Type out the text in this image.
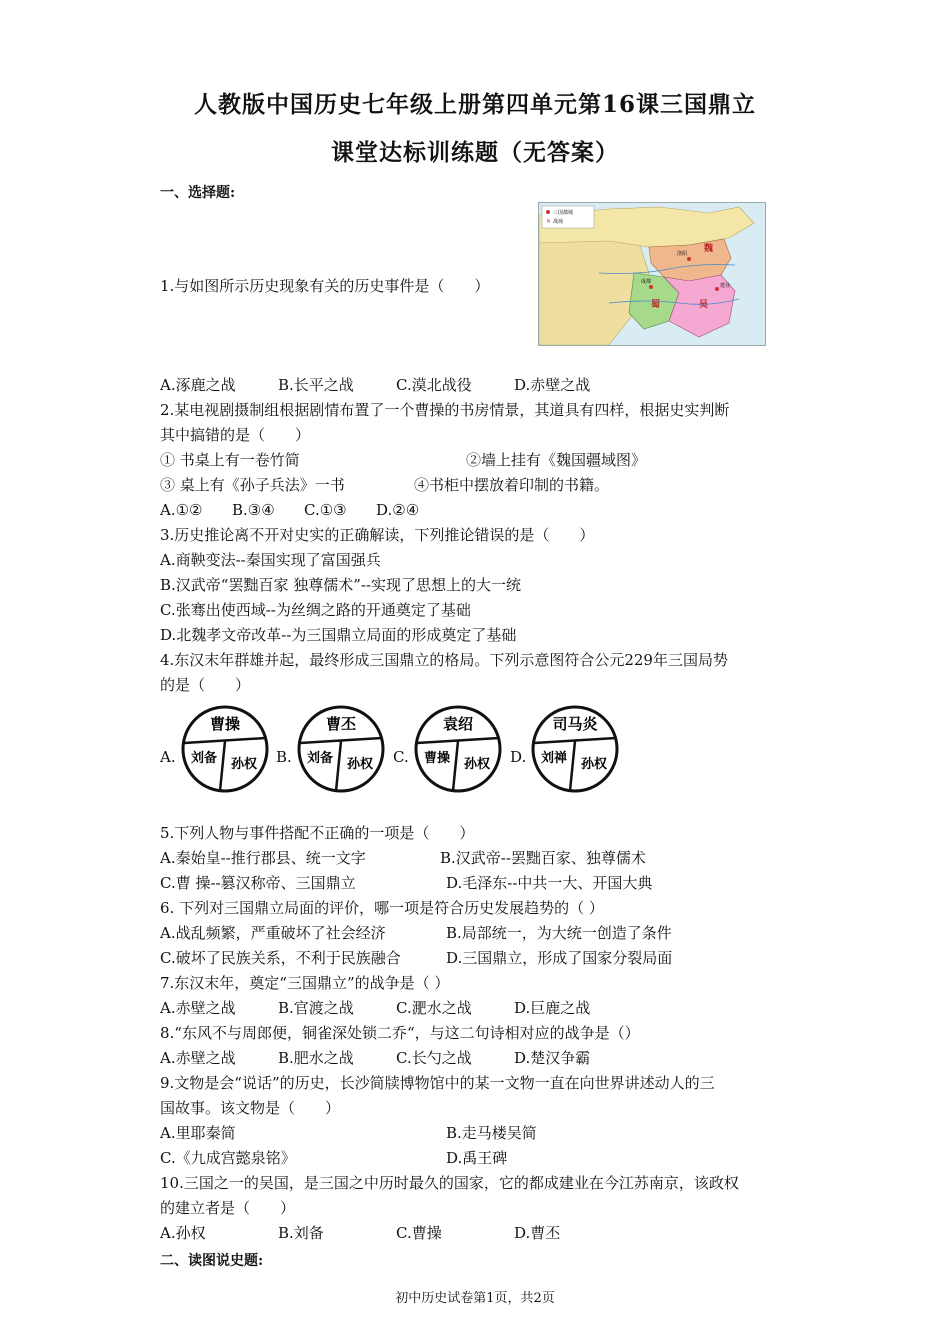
人教版中国历史七年级上册第四单元第16课三国鼎立
课堂达标训练题（无答案）
一、选择题:
1.与如图所示历史现象有关的历史事件是（　　）
三国都城
✕ 战场
洛阳
成都
建业
魏
蜀	吴
A.涿鹿之战	B.长平之战	C.漠北战役	D.赤壁之战
2.某电视剧摄制组根据剧情布置了一个曹操的书房情景，其道具有四样，根据史实判断
其中搞错的是（　　）
① 书桌上有一卷竹简	②墙上挂有《魏国疆域图》
③ 桌上有《孙子兵法》一书	④书柜中摆放着印制的书籍。
A.①② B.③④ C.①③ D.②④
3.历史推论离不开对史实的正确解读，下列推论错误的是（　　）
A.商鞅变法--秦国实现了富国强兵
B.汉武帝“罢黜百家 独尊儒术”--实现了思想上的大一统
C.张骞出使西域--为丝绸之路的开通奠定了基础
D.北魏孝文帝改革--为三国鼎立局面的形成奠定了基础
4.东汉末年群雄并起，最终形成三国鼎立的格局。下列示意图符合公元229年三国局势
的是（　　）
A.
曹操
刘备 孙权 B.
曹丕
刘备 孙权 C.
袁绍
曹操 孙权 D.
司马炎
刘禅 孙权
5.下列人物与事件搭配不正确的一项是（　　）
A.秦始皇--推行郡县、统一文字	B.汉武帝--罢黜百家、独尊儒术
C.曹 操--篡汉称帝、三国鼎立	D.毛泽东--中共一大、开国大典
6. 下列对三国鼎立局面的评价，哪一项是符合历史发展趋势的（ ）
A.战乱频繁，严重破坏了社会经济	B.局部统一，为大统一创造了条件
C.破坏了民族关系，不利于民族融合	D.三国鼎立，形成了国家分裂局面
7.东汉末年，奠定“三国鼎立”的战争是（ ）
A.赤壁之战	B.官渡之战	C.淝水之战	D.巨鹿之战
8.“东风不与周郎便，铜雀深处锁二乔“，与这二句诗相对应的战争是（）
A.赤壁之战	B.肥水之战	C.长勺之战	D.楚汉争霸
9.文物是会“说话”的历史，长沙简牍博物馆中的某一文物一直在向世界讲述动人的三
国故事。该文物是（　　）
A.里耶秦简	B.走马楼吴简
C.《九成宫懿泉铭》	D.禹王碑
10.三国之一的吴国，是三国之中历时最久的国家，它的都成建业在今江苏南京，该政权
的建立者是（　　）
A.孙权	B.刘备	C.曹操	D.曹丕
二、读图说史题:
初中历史试卷第1页，共2页
